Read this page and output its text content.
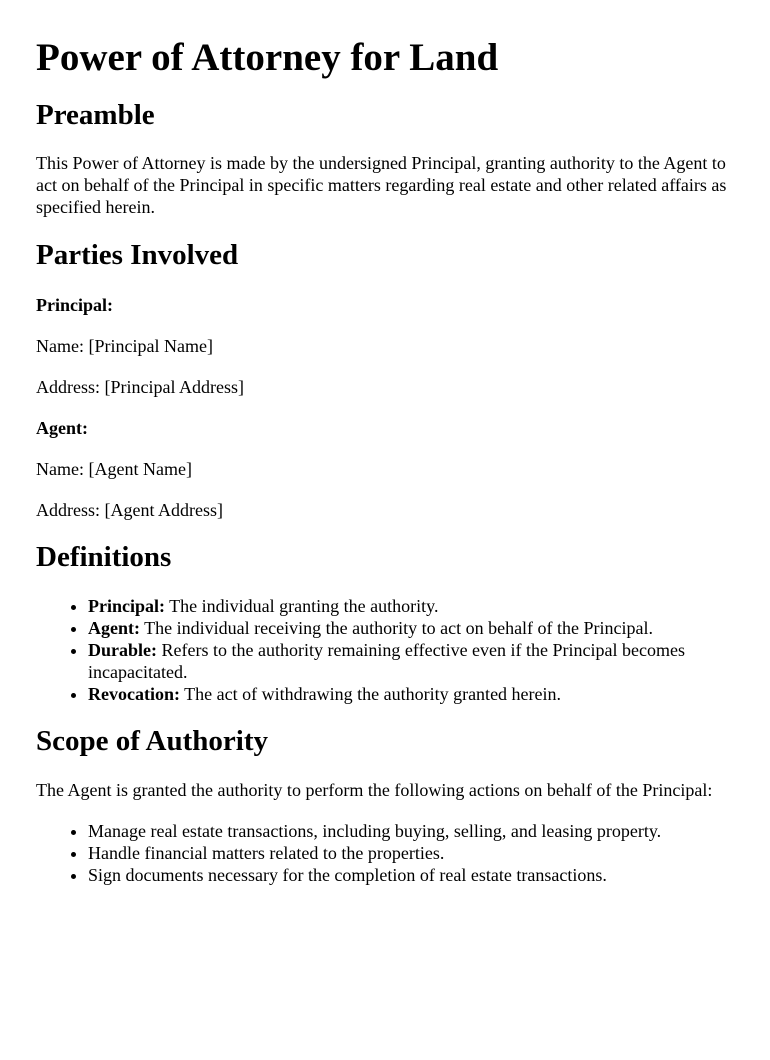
Power of Attorney for Land
Preamble

This Power of Attorney is made by the undersigned Principal, granting authority to the Agent to act on behalf of the Principal in specific matters regarding real estate and other related affairs as specified herein.

Parties Involved

Principal:

Name: [Principal Name]

Address: [Principal Address]

Agent:

Name: [Agent Name]

Address: [Agent Address]

Definitions
• Principal: The individual granting the authority.
• Agent: The individual receiving the authority to act on behalf of the Principal.
• Durable: Refers to the authority remaining effective even if the Principal becomes incapacitated.
• Revocation: The act of withdrawing the authority granted herein.
Scope of Authority

The Agent is granted the authority to perform the following actions on behalf of the Principal:

• Manage real estate transactions, including buying, selling, and leasing property.
• Handle financial matters related to the properties.
• Sign documents necessary for the completion of real estate transactions.
